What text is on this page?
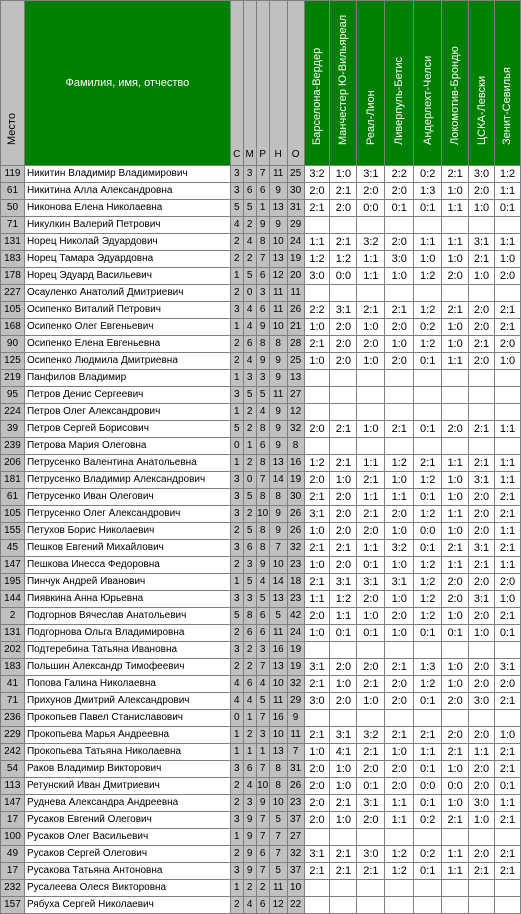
Место	Фамилия, имя, отчество	С	М	Р	Н	О	Барселона-Вердер	Манчестер Ю-Вильяреал	Реал-Лион	Ливерпуль-Бетис	Андерлехт-Челси	Локомотив-Брондю	ЦСКА-Левски	Зенит-Севилья

119	Никитин Владимир Владимирович	3	3	7	11	25	3:2	1:0	3:1	2:2	0:2	2:1	3:0	1:2
61	Никитина Алла Александровна	3	6	6	9	30	2:0	2:1	2:0	2:0	1:3	1:0	2:0	1:1
50	Никонова Елена Николаевна	5	5	1	13	31	2:1	2:0	0:0	0:1	0:1	1:1	1:0	0:1
71	Никулкин Валерий Петрович	4	2	9	9	29								
131	Норец Николай Эдуардович	2	4	8	10	24	1:1	2:1	3:2	2:0	1:1	1:1	3:1	1:1
183	Норец Тамара Эдуардовна	2	2	7	13	19	1:2	1:2	1:1	3:0	1:0	1:0	2:1	1:0
178	Норец Эдуард Васильевич	1	5	6	12	20	3:0	0:0	1:1	1:0	1:2	2:0	1:0	2:0
227	Осауленко Анатолий Дмитриевич	2	0	3	11	11								
105	Осипенко Виталий Петрович	3	4	6	11	26	2:2	3:1	2:1	2:1	1:2	2:1	2:0	2:1
168	Осипенко Олег Евгеньевич	1	4	9	10	21	1:0	2:0	1:0	2:0	0:2	1:0	2:0	2:1
90	Осипенко Елена Евгеньевна	2	6	8	8	28	2:1	2:0	2:0	1:0	1:2	1:0	2:1	2:0
125	Осипенко Людмила Дмитриевна	2	4	9	9	25	1:0	2:0	1:0	2:0	0:1	1:1	2:0	1:0
219	Панфилов Владимир	1	3	3	9	13								
95	Петров Денис Сергеевич	3	5	5	11	27								
224	Петров Олег Александрович	1	2	4	9	12								
39	Петров Сергей Борисович	5	2	8	9	32	2:0	2:1	1:0	2:1	0:1	2:0	2:1	1:1
239	Петрова Мария Олеговна	0	1	6	9	8								
206	Петрусенко Валентина Анатольевна	1	2	8	13	16	1:2	2:1	1:1	1:2	2:1	1:1	2:1	1:1
181	Петрусенко Владимир Александрович	3	0	7	14	19	2:0	1:0	2:1	1:0	1:2	1:0	3:1	1:1
61	Петрусенко Иван Олегович	3	5	8	8	30	2:1	2:0	1:1	1:1	0:1	1:0	2:0	2:1
105	Петрусенко Олег Александрович	3	2	10	9	26	3:1	2:0	2:1	2:0	1:2	1:1	2:0	2:1
155	Петухов Борис Николаевич	2	5	8	9	26	1:0	2:0	2:0	1:0	0:0	1:0	2:0	1:1
45	Пешков Евгений Михайлович	3	6	8	7	32	2:1	2:1	1:1	3:2	0:1	2:1	3:1	2:1
147	Пешкова Инесса Федоровна	2	3	9	10	23	1:0	2:0	0:1	1:0	1:2	1:1	2:1	1:1
195	Пинчук Андрей Иванович	1	5	4	14	18	2:1	3:1	3:1	3:1	1:2	2:0	2:0	2:0
144	Пиявкина Анна Юрьевна	3	3	5	13	23	1:1	1:2	2:0	1:0	1:2	2:0	3:1	1:0
2	Подгорнов Вячеслав Анатольевич	5	8	6	5	42	2:0	1:1	1:0	2:0	1:2	1:0	2:0	2:1
131	Подгорнова Ольга Владимировна	2	6	6	11	24	1:0	0:1	0:1	1:0	0:1	0:1	1:0	0:1
202	Подтеребина Татьяна Ивановна	3	2	3	16	19								
183	Польшин Александр Тимофеевич	2	2	7	13	19	3:1	2:0	2:0	2:1	1:3	1:0	2:0	3:1
41	Попова Галина Николаевна	4	6	4	10	32	2:1	1:0	2:1	2:0	1:2	1:0	2:0	2:0
71	Прихунов Дмитрий Александрович	4	4	5	11	29	3:0	2:0	1:0	2:0	0:1	2:0	3:0	2:1
236	Прокопьев Павел Станиславович	0	1	7	16	9								
229	Прокопьева Марья Андреевна	1	2	3	10	11	2:1	3:1	3:2	2:1	2:1	2:0	2:0	1:0
242	Прокопьева Татьяна Николаевна	1	1	1	13	7	1:0	4:1	2:1	1:0	1:1	2:1	1:1	2:1
54	Раков Владимир Викторович	3	6	7	8	31	2:0	1:0	2:0	2:0	0:1	1:0	2:0	2:1
113	Ретунский Иван Дмитриевич	2	4	10	8	26	2:0	1:0	0:1	2:0	0:0	0:0	2:0	0:1
147	Руднева Александра Андреевна	2	3	9	10	23	2:0	2:1	3:1	1:1	0:1	1:0	3:0	1:1
17	Русаков Евгений Олегович	3	9	7	5	37	2:0	1:0	2:0	1:1	0:2	2:1	1:0	2:1
100	Русаков Олег Васильевич	1	9	7	7	27								
49	Русаков Сергей Олегович	2	9	6	7	32	3:1	2:1	3:0	1:2	0:2	1:1	2:0	2:1
17	Русакова Татьяна Антоновна	3	9	7	5	37	2:1	2:1	2:1	1:2	0:1	1:1	2:1	2:1
232	Русалеева Олеся Викторовна	1	2	2	11	10								
157	Рябуха Сергей Николаевич	2	4	6	12	22								
